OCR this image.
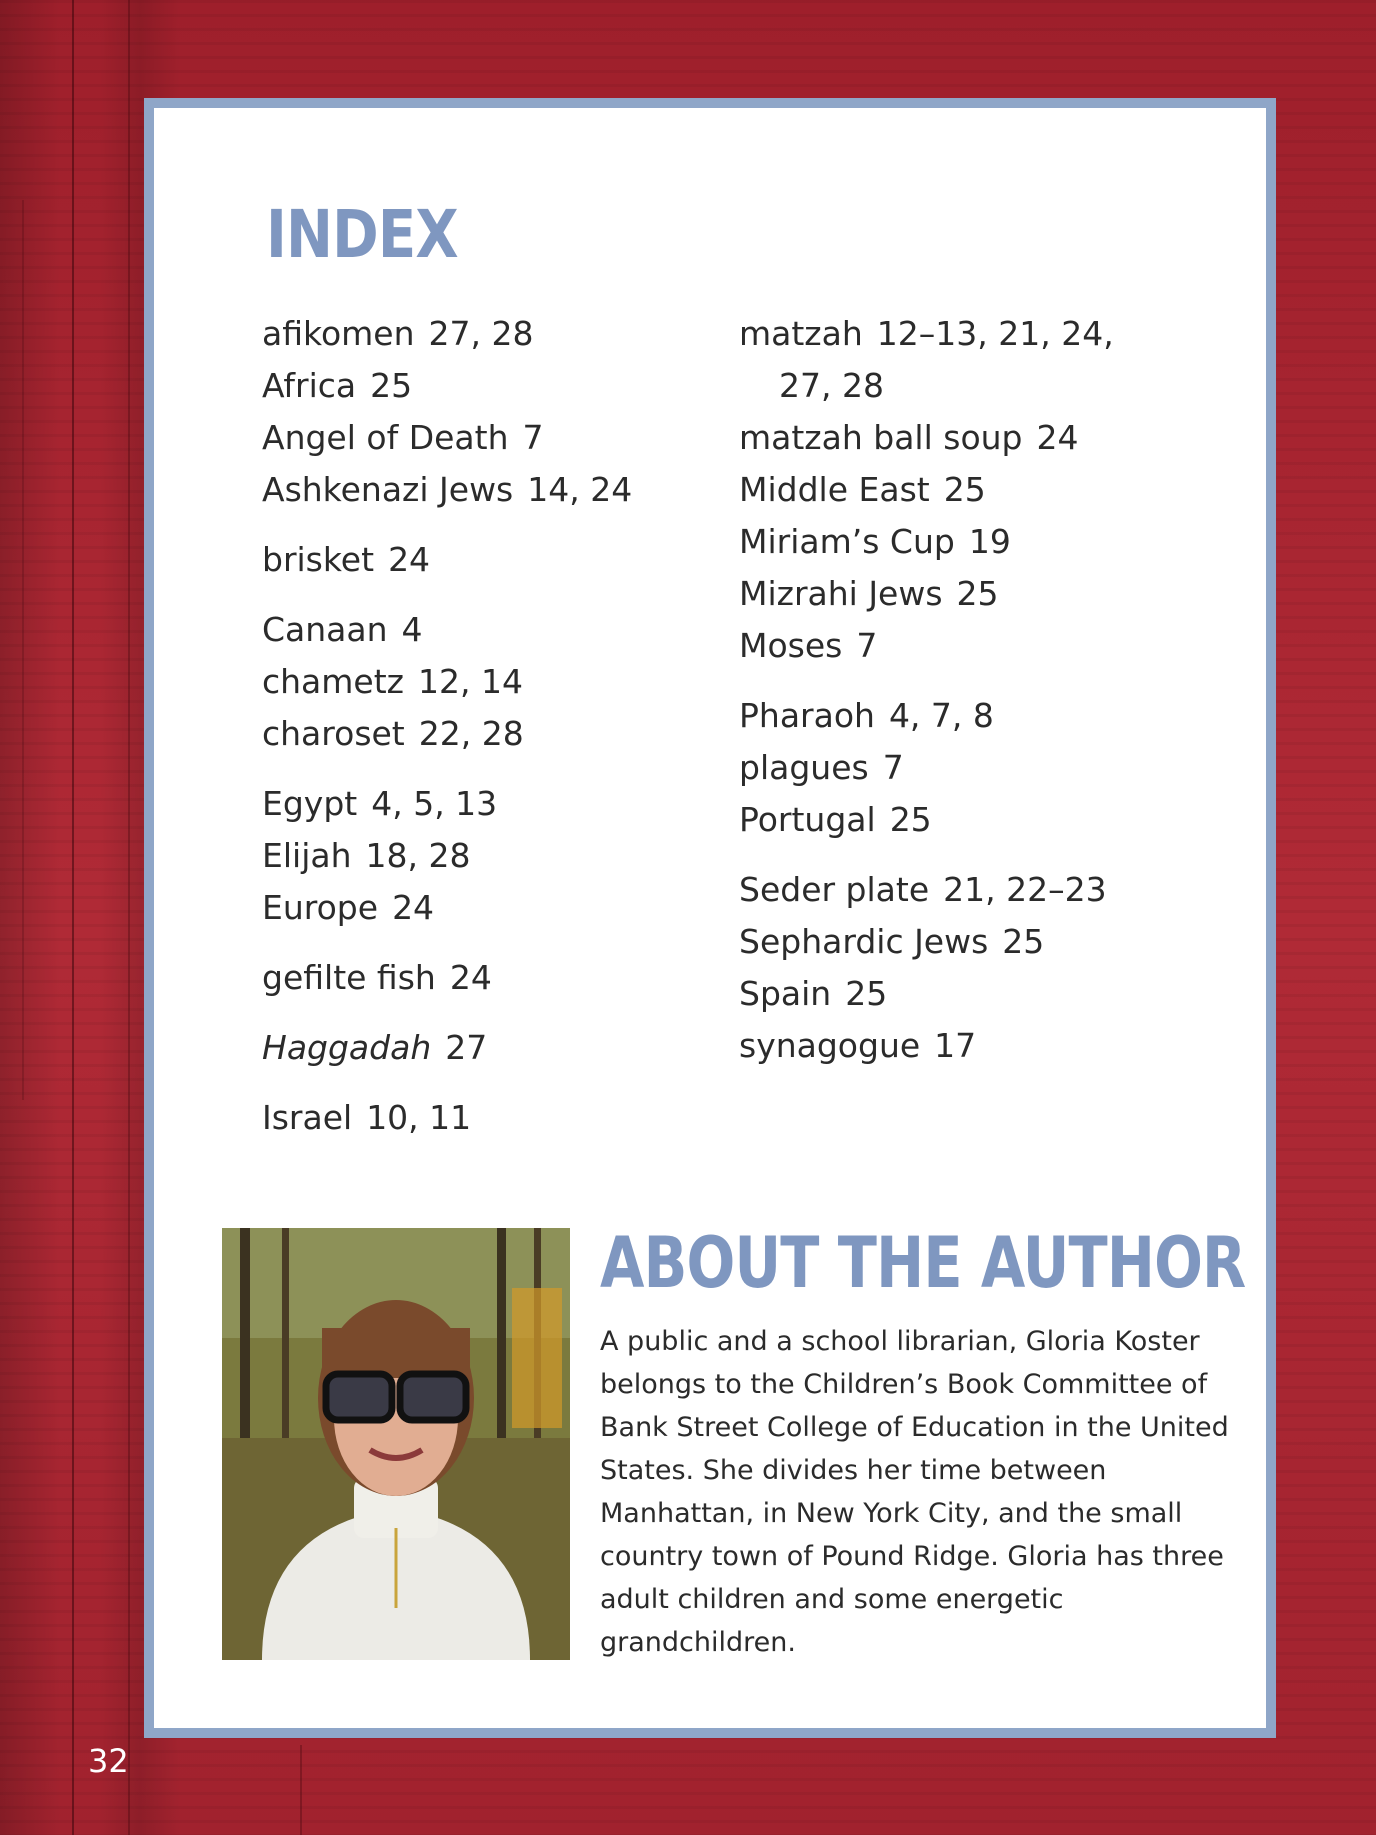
INDEX
afikomen 27, 28
Africa 25
Angel of Death 7
Ashkenazi Jews 14, 24
brisket 24
Canaan 4
chametz 12, 14
charoset 22, 28
Egypt 4, 5, 13
Elijah 18, 28
Europe 24
gefilte fish 24
Haggadah 27
Israel 10, 11
matzah 12–13, 21, 24,
27, 28
matzah ball soup 24
Middle East 25
Miriam’s Cup 19
Mizrahi Jews 25
Moses 7
Pharaoh 4, 7, 8
plagues 7
Portugal 25
Seder plate 21, 22–23
Sephardic Jews 25
Spain 25
synagogue 17
ABOUT THE AUTHOR

A public and a school librarian, Gloria Koster belongs to the Children’s Book Committee of Bank Street College of Education in the United States. She divides her time between Manhattan, in New York City, and the small country town of Pound Ridge. Gloria has three adult children and some energetic grandchildren.

32
